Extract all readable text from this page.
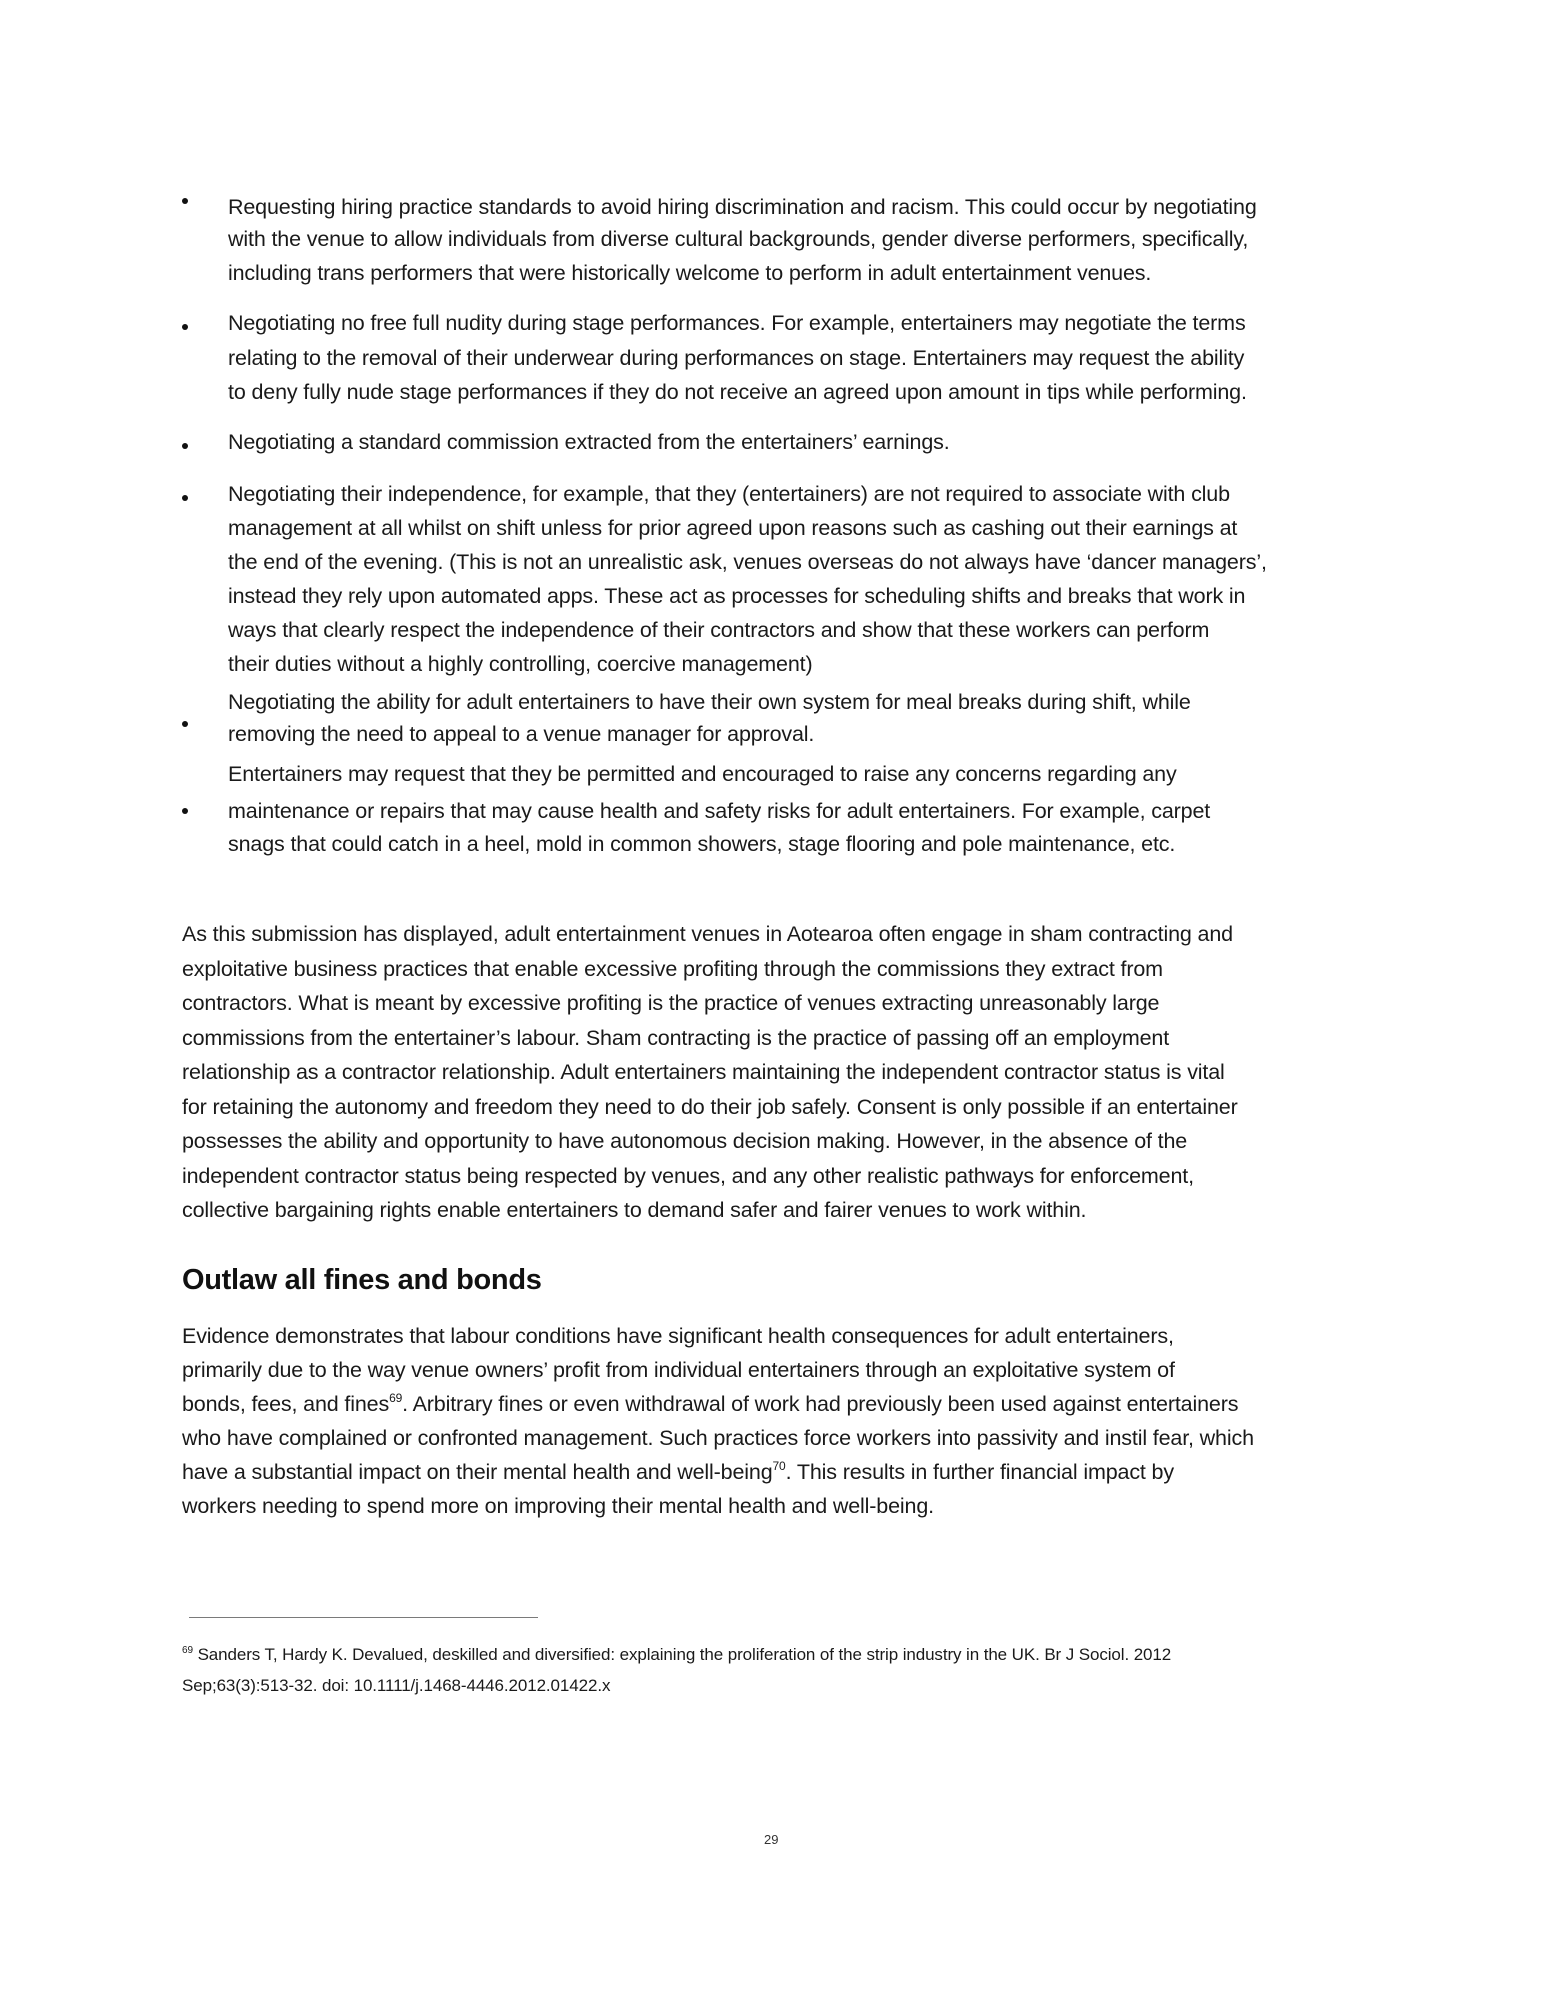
Requesting hiring practice standards to avoid hiring discrimination and racism. This could occur by negotiating
with the venue to allow individuals from diverse cultural backgrounds, gender diverse performers, specifically,
including trans performers that were historically welcome to perform in adult entertainment venues.
Negotiating no free full nudity during stage performances. For example, entertainers may negotiate the terms
relating to the removal of their underwear during performances on stage. Entertainers may request the ability
to deny fully nude stage performances if they do not receive an agreed upon amount in tips while performing.
Negotiating a standard commission extracted from the entertainers’ earnings.
Negotiating their independence, for example, that they (entertainers) are not required to associate with club
management at all whilst on shift unless for prior agreed upon reasons such as cashing out their earnings at
the end of the evening. (This is not an unrealistic ask, venues overseas do not always have ‘dancer managers’,
instead they rely upon automated apps. These act as processes for scheduling shifts and breaks that work in
ways that clearly respect the independence of their contractors and show that these workers can perform
their duties without a highly controlling, coercive management)
Negotiating the ability for adult entertainers to have their own system for meal breaks during shift, while
removing the need to appeal to a venue manager for approval.
Entertainers may request that they be permitted and encouraged to raise any concerns regarding any
maintenance or repairs that may cause health and safety risks for adult entertainers. For example, carpet
snags that could catch in a heel, mold in common showers, stage flooring and pole maintenance, etc.
As this submission has displayed, adult entertainment venues in Aotearoa often engage in sham contracting and
exploitative business practices that enable excessive profiting through the commissions they extract from
contractors. What is meant by excessive profiting is the practice of venues extracting unreasonably large
commissions from the entertainer’s labour. Sham contracting is the practice of passing off an employment
relationship as a contractor relationship. Adult entertainers maintaining the independent contractor status is vital
for retaining the autonomy and freedom they need to do their job safely. Consent is only possible if an entertainer
possesses the ability and opportunity to have autonomous decision making. However, in the absence of the
independent contractor status being respected by venues, and any other realistic pathways for enforcement,
collective bargaining rights enable entertainers to demand safer and fairer venues to work within.
Outlaw all fines and bonds
Evidence demonstrates that labour conditions have significant health consequences for adult entertainers,
primarily due to the way venue owners’ profit from individual entertainers through an exploitative system of
bonds, fees, and fines$^{69}$. Arbitrary fines or even withdrawal of work had previously been used against entertainers
who have complained or confronted management. Such practices force workers into passivity and instil fear, which
have a substantial impact on their mental health and well-being$^{70}$. This results in further financial impact by
workers needing to spend more on improving their mental health and well-being.
$^{69}$ Sanders T, Hardy K. Devalued, deskilled and diversified: explaining the proliferation of the strip industry in the UK. Br J Sociol. 2012
Sep;63(3):513-32. doi: 10.1111/j.1468-4446.2012.01422.x
29
